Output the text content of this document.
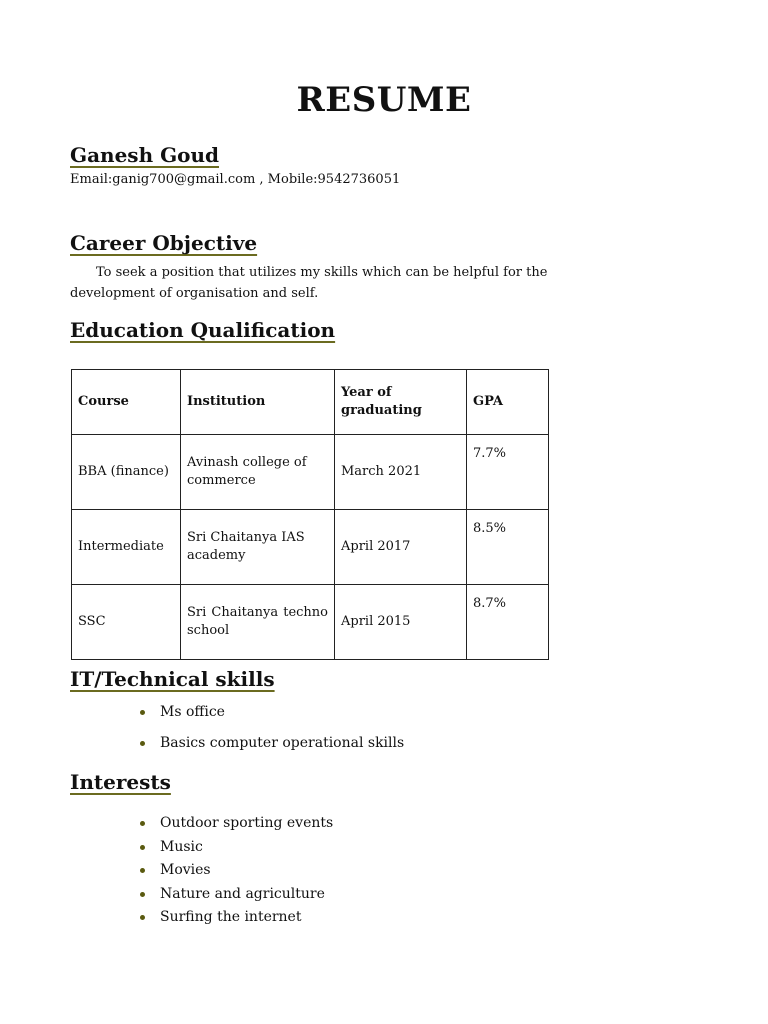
RESUME
Ganesh Goud

Email:ganig700@gmail.com , Mobile:9542736051

Career Objective

To seek a position that utilizes my skills which can be helpful for the development of organisation and self.

Education Qualification
Course	Institution	Year of graduating	GPA
BBA (finance)	Avinash college of commerce	March 2021	7.7%
Intermediate	Sri Chaitanya IAS academy	April 2017	8.5%
SSC	Sri Chaitanya techno school	April 2015	8.7%
IT/Technical skills
Ms office
Basics computer operational skills
Interests
Outdoor sporting events
Music
Movies
Nature and agriculture
Surfing the internet
